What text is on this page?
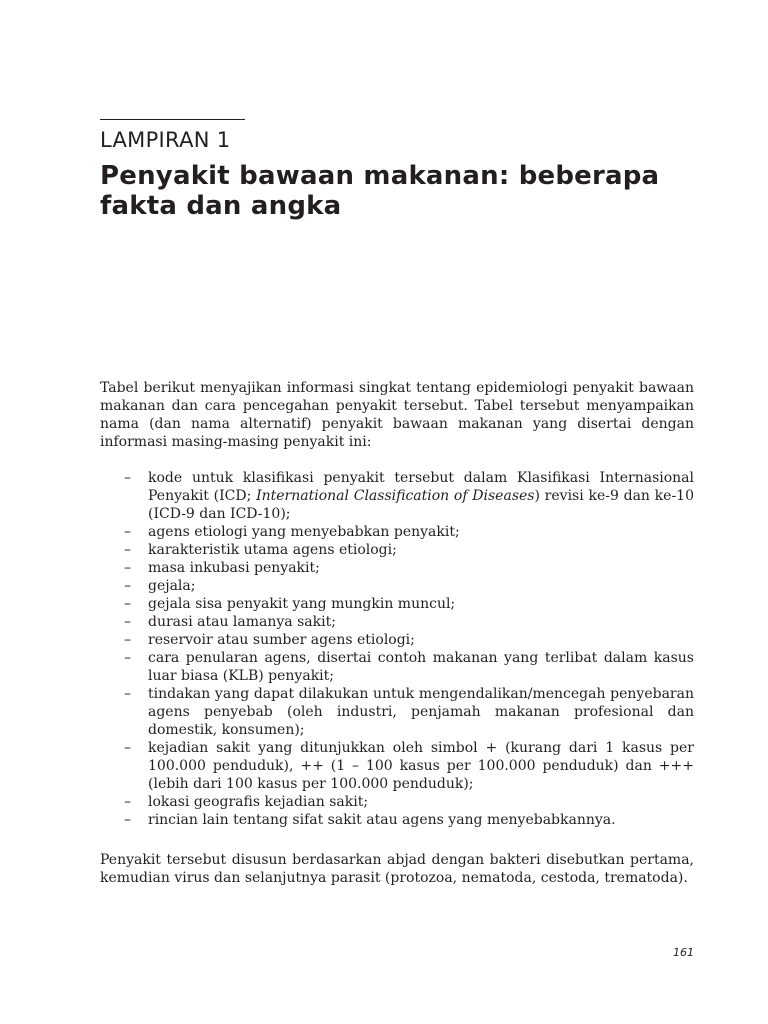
LAMPIRAN 1
Penyakit bawaan makanan: beberapa fakta dan angka

Tabel berikut menyajikan informasi singkat tentang epidemiologi penyakit bawaan makanan dan cara pencegahan penyakit tersebut. Tabel tersebut menyampaikan nama (dan nama alternatif) penyakit bawaan makanan yang disertai dengan informasi masing-masing penyakit ini:

– kode untuk klasifikasi penyakit tersebut dalam Klasifikasi Internasional Penyakit (ICD; International Classification of Diseases) revisi ke-9 dan ke-10 (ICD-9 dan ICD-10);
– agens etiologi yang menyebabkan penyakit;
– karakteristik utama agens etiologi;
– masa inkubasi penyakit;
– gejala;
– gejala sisa penyakit yang mungkin muncul;
– durasi atau lamanya sakit;
– reservoir atau sumber agens etiologi;
– cara penularan agens, disertai contoh makanan yang terlibat dalam kasus luar biasa (KLB) penyakit;
– tindakan yang dapat dilakukan untuk mengendalikan/mencegah penyebaran agens penyebab (oleh industri, penjamah makanan profesional dan domestik, konsumen);
– kejadian sakit yang ditunjukkan oleh simbol + (kurang dari 1 kasus per 100.000 penduduk), ++ (1 – 100 kasus per 100.000 penduduk) dan +++ (lebih dari 100 kasus per 100.000 penduduk);
– lokasi geografis kejadian sakit;
– rincian lain tentang sifat sakit atau agens yang menyebabkannya.

Penyakit tersebut disusun berdasarkan abjad dengan bakteri disebutkan pertama, kemudian virus dan selanjutnya parasit (protozoa, nematoda, cestoda, trematoda).

161
